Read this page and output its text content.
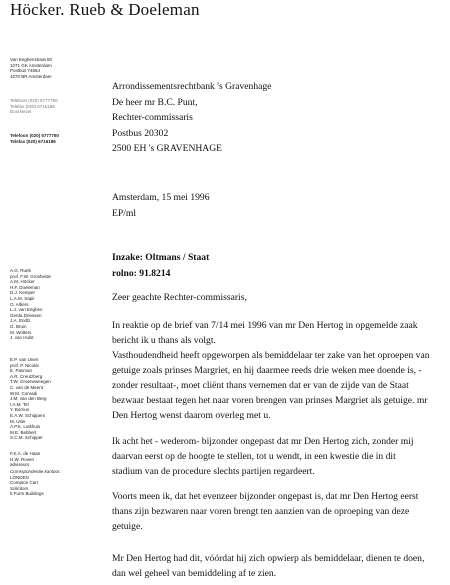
Höcker. Rueb & Doeleman
Van Eeghenstraat 80
1071 GK Amsterdam
Postbus 74654
1070 BR Amsterdam
Telefoon (020) 5777750
Telefax (020) 6716186
Doorkiezer
Telefoon (020) 5777750
Telefax (020) 6716186
A.G. Rueb
prof. F.W. Grosheide
A.M. Höcker
H.F. Doeleman
D.J. Kemper
L.A.M. Sapir
O. Albers
L.J. van Eeghen
Gerda Driessen
J.A. Endtz
G. Bruin
M. Wolters
J. van Hulst
E.P. van Unen
prof. P. Nicolai
E. Pasman
A.R. Creutzberg
T.W. Groeneweegen
C. van de Meent
W.M. Conradi
J.M. van den Berg
I.A.M. Tel
Y. Borrius
E.A.W. Schippers
M. Uiter
A.P.K. Lutkhuis
M.E. Bebbert
S.C.M. Schipper
F.K.A. de Haan
H.W. Roven
adviseurs
Correspondentie kantoor:
LONDEN
Compton Carr
Solicitors
5 Furm Buildings
Arrondissementsrechtbank 's Gravenhage
De heer mr B.C. Punt,
Rechter-commissaris
Postbus 20302
2500 EH 's GRAVENHAGE
Amsterdam, 15 mei 1996
EP/ml
Inzake: Oltmans / Staat
rolno: 91.8214
Zeer geachte Rechter-commissaris,
In reaktie op de brief van 7/14 mei 1996 van mr Den Hertog in opgemelde zaak
bericht ik u thans als volgt.
Vasthoudendheid heeft opgeworpen als bemiddelaar ter zake van het oproepen van
getuige zoals prinses Margriet, en hij daarmee reeds drie weken mee doende is, -
zonder resultaat-, moet cliënt thans vernemen dat er van de zijde van de Staat
bezwaar bestaat tegen het naar voren brengen van prinses Margriet als getuige. mr
Den Hertog wenst daarom overleg met u.
Ik acht het - wederom- bijzonder ongepast dat mr Den Hertog zich, zonder mij
daarvan eerst op de hoogte te stellen, tot u wendt, in een kwestie die in dit
stadium van de procedure slechts partijen regardeert.
Voorts meen ik, dat het evenzeer bijzonder ongepast is, dat mr Den Hertog eerst
thans zijn bezwaren naar voren brengt ten aanzien van de oproeping van deze
getuige.
Mr Den Hertog had dit, vóórdat hij zich opwierp als bemiddelaar, dienen te doen,
dan wel geheel van bemiddeling af te zien.
